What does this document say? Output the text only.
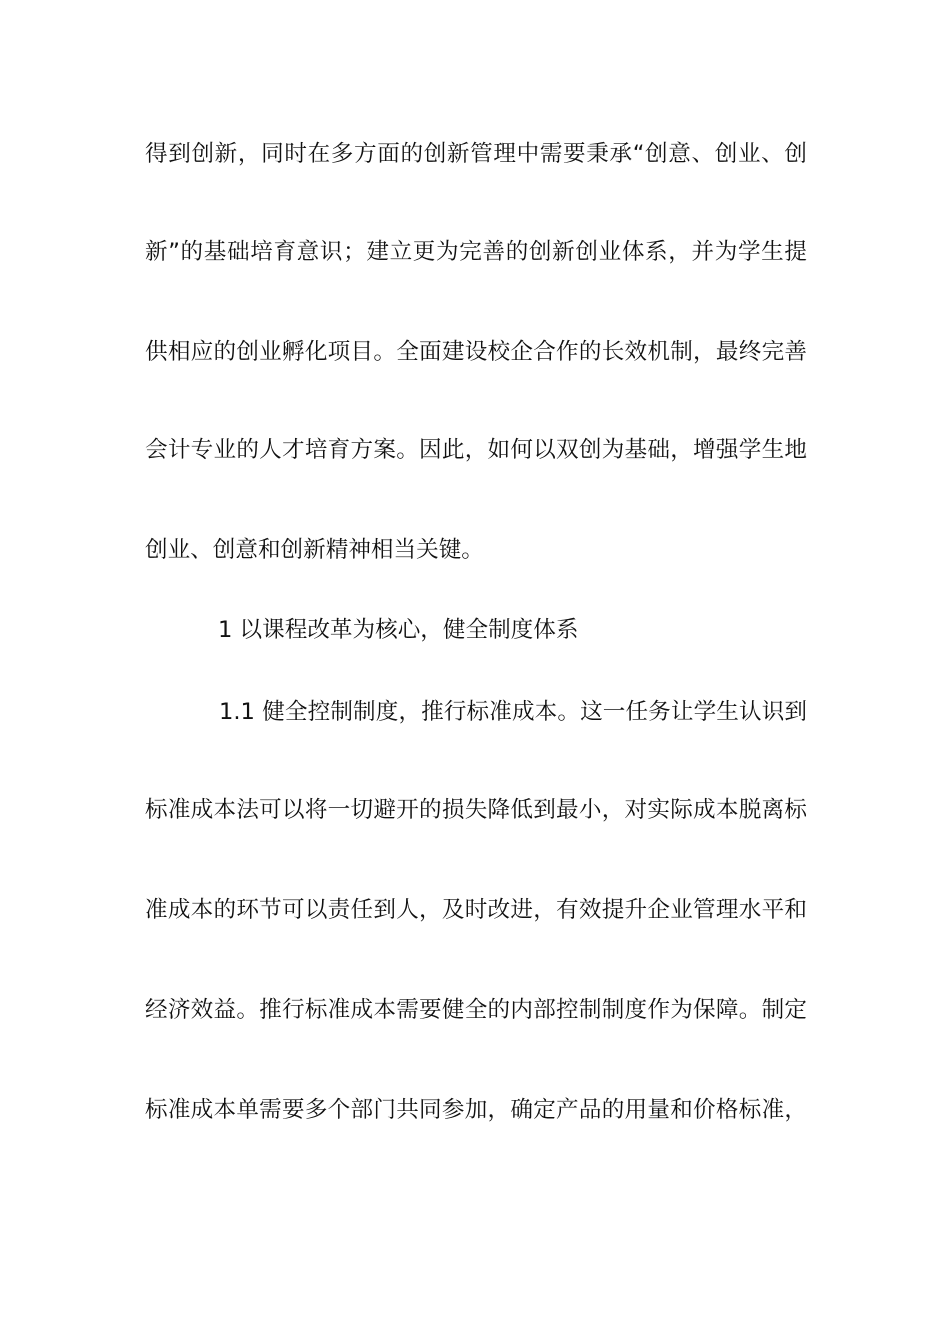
得到创新，同时在多方面的创新管理中需要秉承“创意、创业、创
新”的基础培育意识；建立更为完善的创新创业体系，并为学生提
供相应的创业孵化项目。全面建设校企合作的长效机制，最终完善
会计专业的人才培育方案。因此，如何以双创为基础，增强学生地
创业、创意和创新精神相当关键。
1 以课程改革为核心，健全制度体系
1.1 健全控制制度，推行标准成本。这一任务让学生认识到
标准成本法可以将一切避开的损失降低到最小，对实际成本脱离标
准成本的环节可以责任到人，及时改进，有效提升企业管理水平和
经济效益。推行标准成本需要健全的内部控制制度作为保障。制定
标准成本单需要多个部门共同参加，确定产品的用量和价格标准，
